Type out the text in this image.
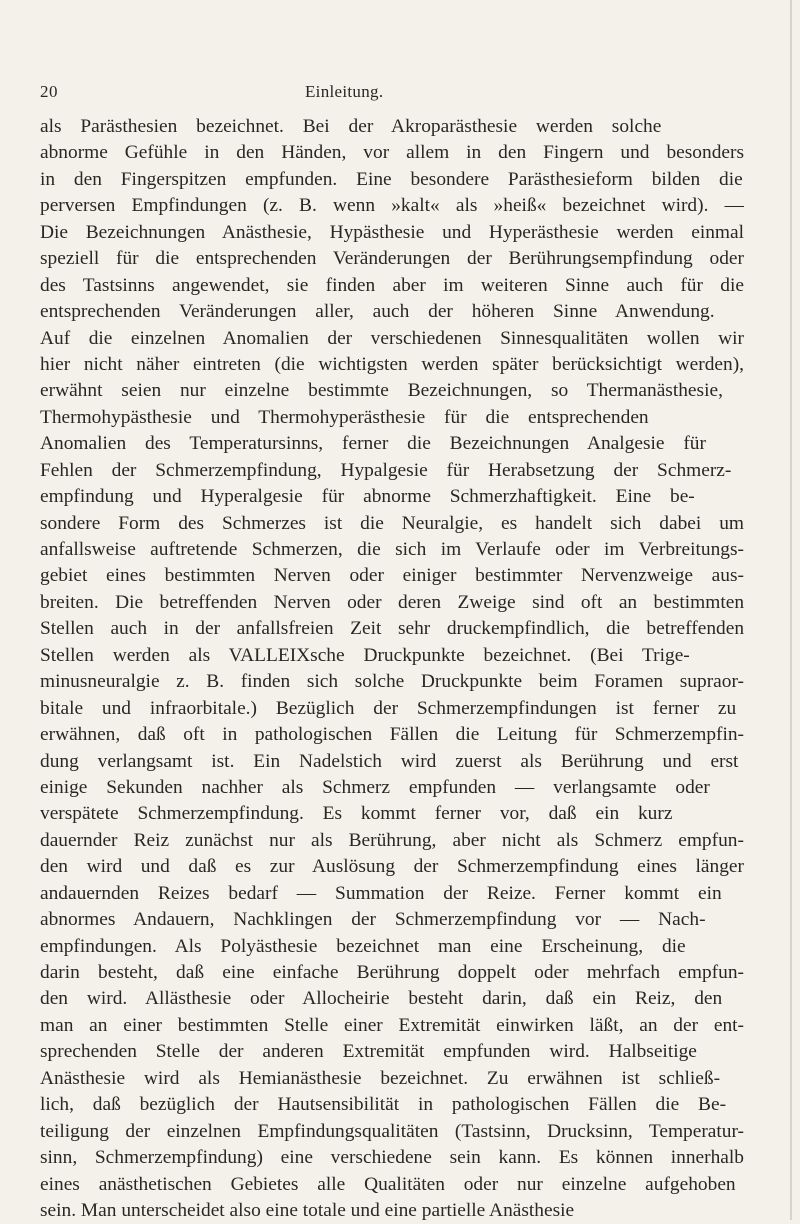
20	Einleitung.
als Parästhesien bezeichnet. Bei der Akroparästhesie werden solche
abnorme Gefühle in den Händen, vor allem in den Fingern und besonders
in den Fingerspitzen empfunden. Eine besondere Parästhesieform bilden die
perversen Empfindungen (z. B. wenn »kalt« als »heiß« bezeichnet wird). —
Die Bezeichnungen Anästhesie, Hypästhesie und Hyperästhesie werden einmal
speziell für die entsprechenden Veränderungen der Berührungsempfindung oder
des Tastsinns angewendet, sie finden aber im weiteren Sinne auch für die
entsprechenden Veränderungen aller, auch der höheren Sinne Anwendung.
Auf die einzelnen Anomalien der verschiedenen Sinnesqualitäten wollen wir
hier nicht näher eintreten (die wichtigsten werden später berücksichtigt werden),
erwähnt seien nur einzelne bestimmte Bezeichnungen, so Thermanästhesie,
Thermohypästhesie und Thermohyperästhesie für die entsprechenden
Anomalien des Temperatursinns, ferner die Bezeichnungen Analgesie für
Fehlen der Schmerzempfindung, Hypalgesie für Herabsetzung der Schmerz-
empfindung und Hyperalgesie für abnorme Schmerzhaftigkeit. Eine be-
sondere Form des Schmerzes ist die Neuralgie, es handelt sich dabei um
anfallsweise auftretende Schmerzen, die sich im Verlaufe oder im Verbreitungs-
gebiet eines bestimmten Nerven oder einiger bestimmter Nervenzweige aus-
breiten. Die betreffenden Nerven oder deren Zweige sind oft an bestimmten
Stellen auch in der anfallsfreien Zeit sehr druckempfindlich, die betreffenden
Stellen werden als VALLEIXsche Druckpunkte bezeichnet. (Bei Trige-
minusneuralgie z. B. finden sich solche Druckpunkte beim Foramen supraor-
bitale und infraorbitale.) Bezüglich der Schmerzempfindungen ist ferner zu
erwähnen, daß oft in pathologischen Fällen die Leitung für Schmerzempfin-
dung verlangsamt ist. Ein Nadelstich wird zuerst als Berührung und erst
einige Sekunden nachher als Schmerz empfunden — verlangsamte oder
verspätete Schmerzempfindung. Es kommt ferner vor, daß ein kurz
dauernder Reiz zunächst nur als Berührung, aber nicht als Schmerz empfun-
den wird und daß es zur Auslösung der Schmerzempfindung eines länger
andauernden Reizes bedarf — Summation der Reize. Ferner kommt ein
abnormes Andauern, Nachklingen der Schmerzempfindung vor — Nach-
empfindungen. Als Polyästhesie bezeichnet man eine Erscheinung, die
darin besteht, daß eine einfache Berührung doppelt oder mehrfach empfun-
den wird. Allästhesie oder Allocheirie besteht darin, daß ein Reiz, den
man an einer bestimmten Stelle einer Extremität einwirken läßt, an der ent-
sprechenden Stelle der anderen Extremität empfunden wird. Halbseitige
Anästhesie wird als Hemianästhesie bezeichnet. Zu erwähnen ist schließ-
lich, daß bezüglich der Hautsensibilität in pathologischen Fällen die Be-
teiligung der einzelnen Empfindungsqualitäten (Tastsinn, Drucksinn, Temperatur-
sinn, Schmerzempfindung) eine verschiedene sein kann. Es können innerhalb
eines anästhetischen Gebietes alle Qualitäten oder nur einzelne aufgehoben
sein. Man unterscheidet also eine totale und eine partielle Anästhesie
